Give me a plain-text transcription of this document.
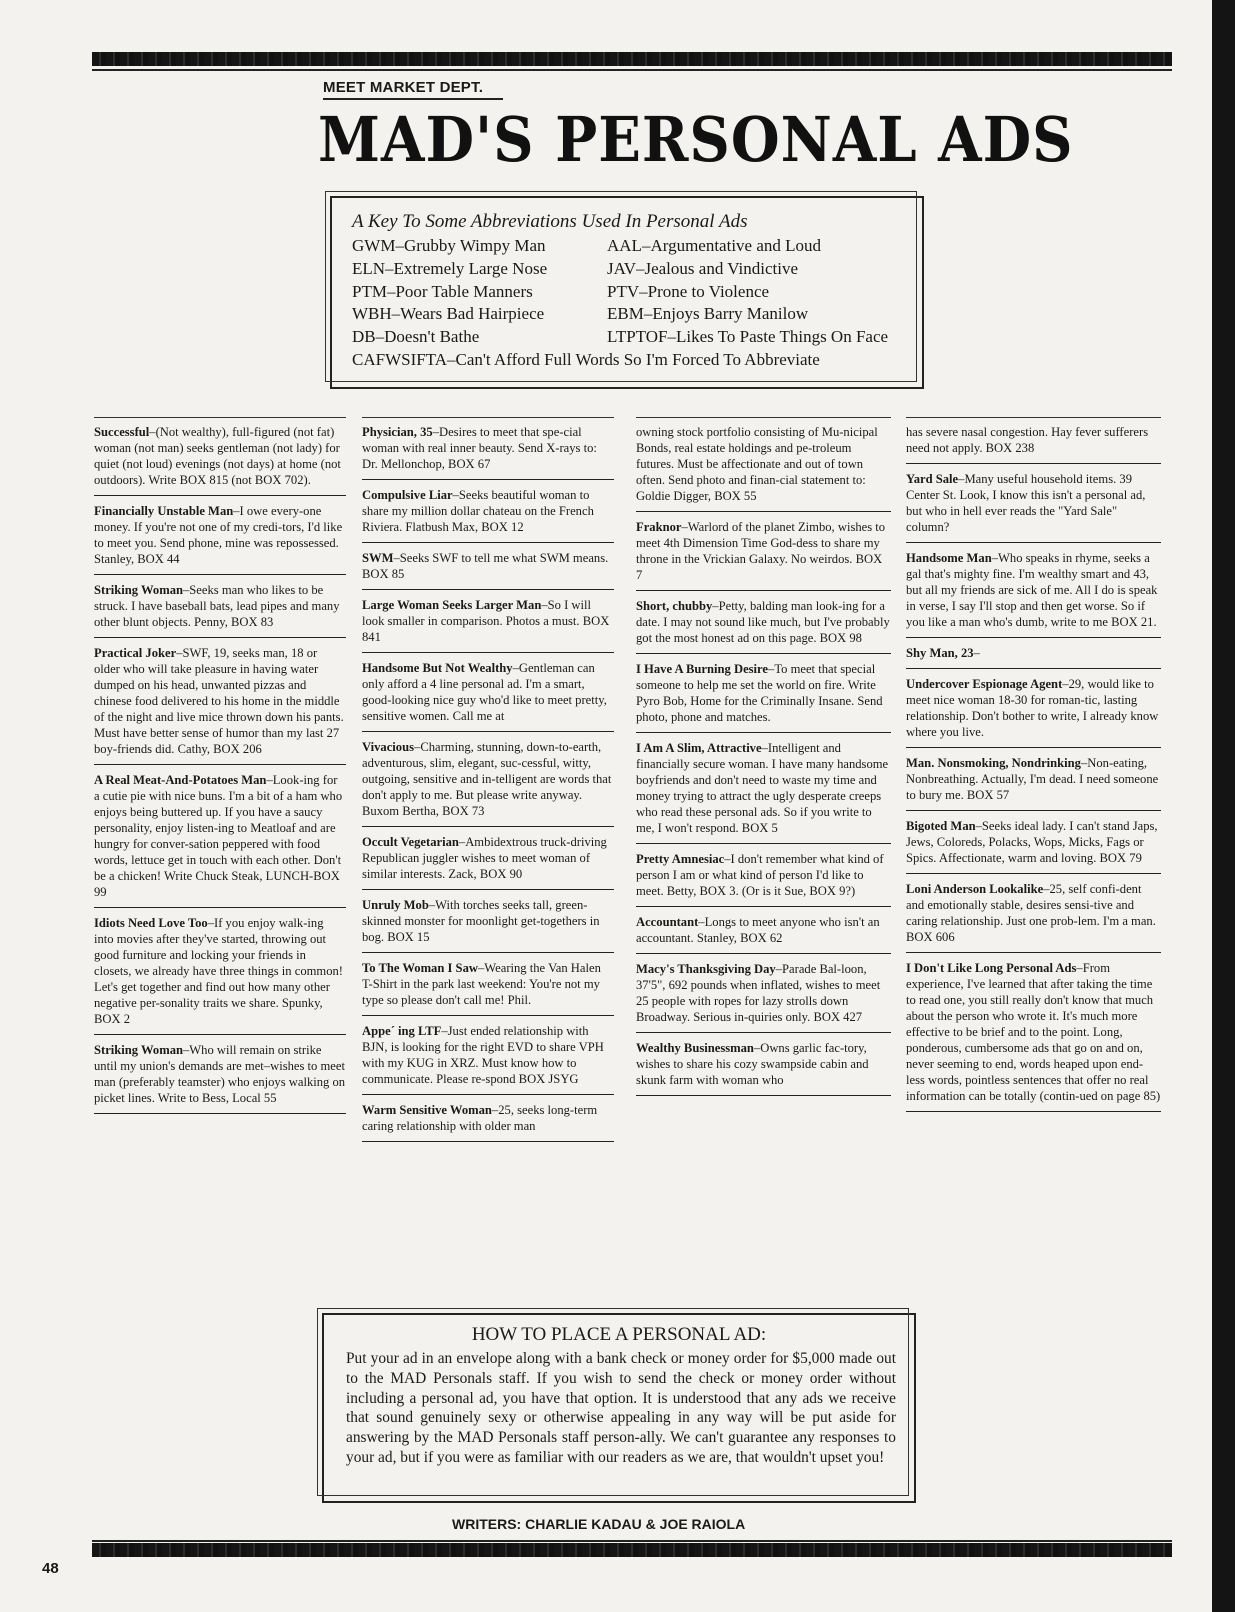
MEET MARKET DEPT.
MAD'S PERSONAL ADS
A Key To Some Abbreviations Used In Personal Ads
GWM–Grubby Wimpy Man	AAL–Argumentative and Loud
ELN–Extremely Large Nose	JAV–Jealous and Vindictive
PTM–Poor Table Manners	PTV–Prone to Violence
WBH–Wears Bad Hairpiece	EBM–Enjoys Barry Manilow
DB–Doesn't Bathe	LTPTOF–Likes To Paste Things On Face
CAFWSIFTA–Can't Afford Full Words So I'm Forced To Abbreviate
Successful–(Not wealthy), full-figured (not fat) woman (not man) seeks gentleman (not lady) for quiet (not loud) evenings (not days) at home (not outdoors). Write BOX 815 (not BOX 702).
Financially Unstable Man–I owe every-one money. If you're not one of my credi-tors, I'd like to meet you. Send phone, mine was repossessed. Stanley, BOX 44
Striking Woman–Seeks man who likes to be struck. I have baseball bats, lead pipes and many other blunt objects. Penny, BOX 83
Practical Joker–SWF, 19, seeks man, 18 or older who will take pleasure in having water dumped on his head, unwanted pizzas and chinese food delivered to his home in the middle of the night and live mice thrown down his pants. Must have better sense of humor than my last 27 boy-friends did. Cathy, BOX 206
A Real Meat-And-Potatoes Man–Look-ing for a cutie pie with nice buns. I'm a bit of a ham who enjoys being buttered up. If you have a saucy personality, enjoy listen-ing to Meatloaf and are hungry for conver-sation peppered with food words, lettuce get in touch with each other. Don't be a chicken! Write Chuck Steak, LUNCH-BOX 99
Idiots Need Love Too–If you enjoy walk-ing into movies after they've started, throwing out good furniture and locking your friends in closets, we already have three things in common! Let's get together and find out how many other negative per-sonality traits we share. Spunky, BOX 2
Striking Woman–Who will remain on strike until my union's demands are met–wishes to meet man (preferably teamster) who enjoys walking on picket lines. Write to Bess, Local 55
Physician, 35–Desires to meet that spe-cial woman with real inner beauty. Send X-rays to: Dr. Mellonchop, BOX 67
Compulsive Liar–Seeks beautiful woman to share my million dollar chateau on the French Riviera. Flatbush Max, BOX 12
SWM–Seeks SWF to tell me what SWM means. BOX 85
Large Woman Seeks Larger Man–So I will look smaller in comparison. Photos a must. BOX 841
Handsome But Not Wealthy–Gentleman can only afford a 4 line personal ad. I'm a smart, good-looking nice guy who'd like to meet pretty, sensitive women. Call me at
Vivacious–Charming, stunning, down-to-earth, adventurous, slim, elegant, suc-cessful, witty, outgoing, sensitive and in-telligent are words that don't apply to me. But please write anyway. Buxom Bertha, BOX 73
Occult Vegetarian–Ambidextrous truck-driving Republican juggler wishes to meet woman of similar interests. Zack, BOX 90
Unruly Mob–With torches seeks tall, green-skinned monster for moonlight get-togethers in bog. BOX 15
To The Woman I Saw–Wearing the Van Halen T-Shirt in the park last weekend: You're not my type so please don't call me! Phil.
Appe´ ing LTF–Just ended relationship with BJN, is looking for the right EVD to share VPH with my KUG in XRZ. Must know how to communicate. Please re-spond BOX JSYG
Warm Sensitive Woman–25, seeks long-term caring relationship with older man
owning stock portfolio consisting of Mu-nicipal Bonds, real estate holdings and pe-troleum futures. Must be affectionate and out of town often. Send photo and finan-cial statement to: Goldie Digger, BOX 55
Fraknor–Warlord of the planet Zimbo, wishes to meet 4th Dimension Time God-dess to share my throne in the Vrickian Galaxy. No weirdos. BOX 7
Short, chubby–Petty, balding man look-ing for a date. I may not sound like much, but I've probably got the most honest ad on this page. BOX 98
I Have A Burning Desire–To meet that special someone to help me set the world on fire. Write Pyro Bob, Home for the Criminally Insane. Send photo, phone and matches.
I Am A Slim, Attractive–Intelligent and financially secure woman. I have many handsome boyfriends and don't need to waste my time and money trying to attract the ugly desperate creeps who read these personal ads. So if you write to me, I won't respond. BOX 5
Pretty Amnesiac–I don't remember what kind of person I am or what kind of person I'd like to meet. Betty, BOX 3. (Or is it Sue, BOX 9?)
Accountant–Longs to meet anyone who isn't an accountant. Stanley, BOX 62
Macy's Thanksgiving Day–Parade Bal-loon, 37'5", 692 pounds when inflated, wishes to meet 25 people with ropes for lazy strolls down Broadway. Serious in-quiries only. BOX 427
Wealthy Businessman–Owns garlic fac-tory, wishes to share his cozy swampside cabin and skunk farm with woman who
has severe nasal congestion. Hay fever sufferers need not apply. BOX 238
Yard Sale–Many useful household items. 39 Center St. Look, I know this isn't a personal ad, but who in hell ever reads the "Yard Sale" column?
Handsome Man–Who speaks in rhyme, seeks a gal that's mighty fine. I'm wealthy smart and 43, but all my friends are sick of me. All I do is speak in verse, I say I'll stop and then get worse. So if you like a man who's dumb, write to me BOX 21.
Shy Man, 23–
Undercover Espionage Agent–29, would like to meet nice woman 18-30 for roman-tic, lasting relationship. Don't bother to write, I already know where you live.
Man. Nonsmoking, Nondrinking–Non-eating, Nonbreathing. Actually, I'm dead. I need someone to bury me. BOX 57
Bigoted Man–Seeks ideal lady. I can't stand Japs, Jews, Coloreds, Polacks, Wops, Micks, Fags or Spics. Affectionate, warm and loving. BOX 79
Loni Anderson Lookalike–25, self confi-dent and emotionally stable, desires sensi-tive and caring relationship. Just one prob-lem. I'm a man. BOX 606
I Don't Like Long Personal Ads–From experience, I've learned that after taking the time to read one, you still really don't know that much about the person who wrote it. It's much more effective to be brief and to the point. Long, ponderous, cumbersome ads that go on and on, never seeming to end, words heaped upon end-less words, pointless sentences that offer no real information can be totally (contin-ued on page 85)
HOW TO PLACE A PERSONAL AD:
Put your ad in an envelope along with a bank check or money order for $5,000 made out to the MAD Personals staff. If you wish to send the check or money order without including a personal ad, you have that option. It is understood that any ads we receive that sound genuinely sexy or otherwise appealing in any way will be put aside for answering by the MAD Personals staff person-ally. We can't guarantee any responses to your ad, but if you were as familiar with our readers as we are, that wouldn't upset you!
WRITERS: CHARLIE KADAU & JOE RAIOLA
48
